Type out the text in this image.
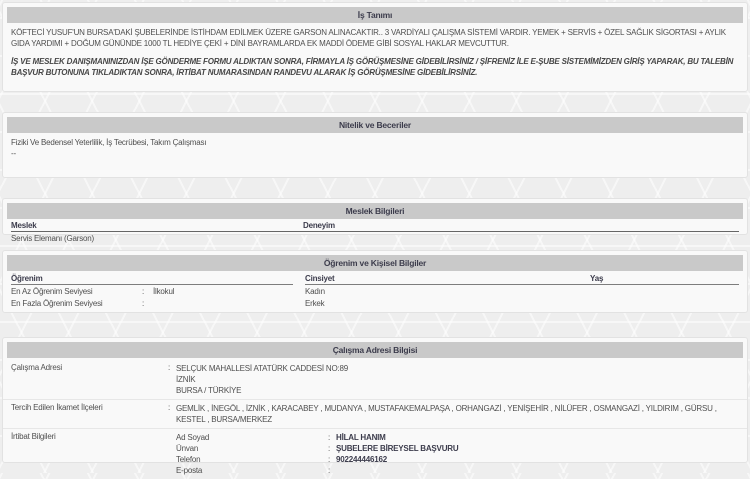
İş Tanımı
KÖFTECİ YUSUF'UN BURSA'DAKİ ŞUBELERİNDE İSTİHDAM EDİLMEK ÜZERE GARSON ALINACAKTIR.. 3 VARDİYALI ÇALIŞMA SİSTEMİ VARDIR. YEMEK + SERVİS + ÖZEL SAĞLIK SİGORTASI + AYLIK GIDA YARDIMI + DOĞUM GÜNÜNDE 1000 TL HEDİYE ÇEKİ + DİNİ BAYRAMLARDA EK MADDİ ÖDEME GİBİ SOSYAL HAKLAR MEVCUTTUR.
İŞ VE MESLEK DANIŞMANINIZDAN İŞE GÖNDERME FORMU ALDIKTAN SONRA, FİRMAYLA İŞ GÖRÜŞMESİNE GİDEBİLİRSİNİZ / ŞİFRENİZ İLE E-ŞUBE SİSTEMİMİZDEN GİRİŞ YAPARAK, BU TALEBİN BAŞVUR BUTONUNA TIKLADIKTAN SONRA, İRTİBAT NUMARASINDAN RANDEVU ALARAK İŞ GÖRÜŞMESİNE GİDEBİLİRSİNİZ.
Nitelik ve Beceriler
Fiziki Ve Bedensel Yeterlilik, İş Tecrübesi, Takım Çalışması
--
Meslek Bilgileri
Meslek	Deneyim
Servis Elemanı (Garson)
Öğrenim ve Kişisel Bilgiler
Öğrenim
En Az Öğrenim Seviyesi	:	İlkokul
En Fazla Öğrenim Seviyesi	:
Cinsiyet	Yaş
Kadın
Erkek
Çalışma Adresi Bilgisi
Çalışma Adresi	: SELÇUK MAHALLESİ ATATÜRK CADDESİ NO:89
İZNİK
BURSA / TÜRKİYE
Tercih Edilen İkamet İlçeleri	: GEMLİK , İNEGÖL , İZNİK , KARACABEY , MUDANYA , MUSTAFAKEMALPAŞA , ORHANGAZİ , YENİŞEHİR , NİLÜFER , OSMANGAZİ , YILDIRIM , GÜRSU , KESTEL , BURSA/MERKEZ
İrtibat Bilgileri	Ad Soyad	: HİLAL HANIM
Ünvan	: ŞUBELERE BİREYSEL BAŞVURU
Telefon	: 902244446162
E-posta	:
